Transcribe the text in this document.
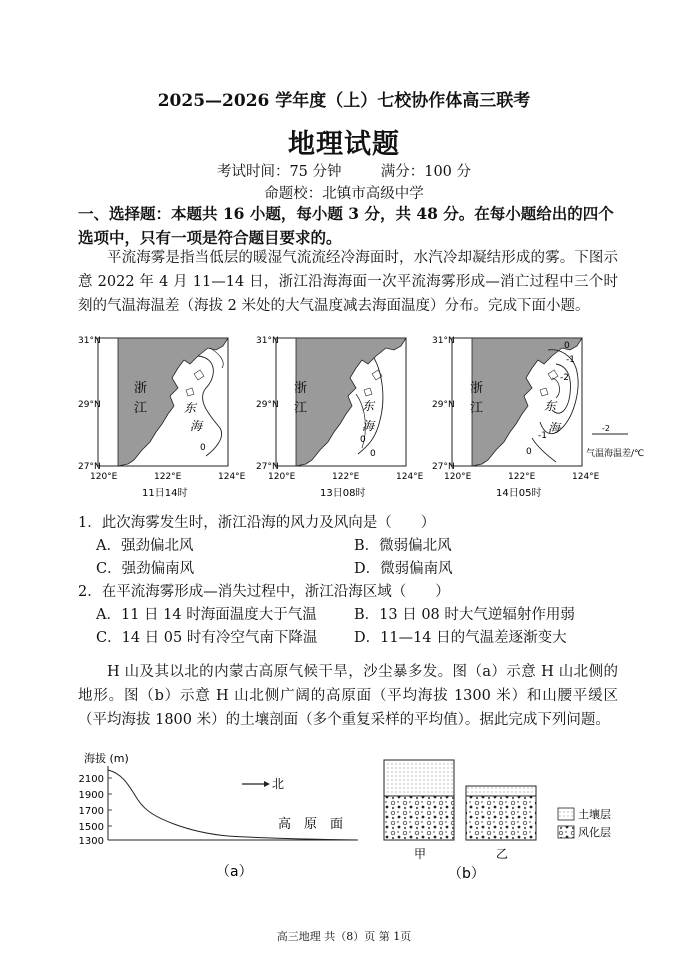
2025—2026 学年度（上）七校协作体高三联考
地理试题
考试时间：75 分钟	满分：100 分
命题校：北镇市高级中学
一、选择题：本题共 16 小题，每小题 3 分，共 48 分。在每小题给出的四个
选项中，只有一项是符合题目要求的。
平流海雾是指当低层的暖湿气流流经冷海面时，水汽冷却凝结形成的雾。下图示意 2022 年 4 月 11—14 日，浙江沿海海面一次平流海雾形成—消亡过程中三个时刻的气温海温差（海拔 2 米处的大气温度减去海面温度）分布。完成下面小题。
0
浙
江	东
海
0
0
浙
江	东
海
0
-1
-2
-1
0
浙
江	东
海
31°N
29°N
27°N
31°N
29°N
27°N
31°N
29°N
27°N
120°E	122°E	124°E	120°E	122°E	124°E 120°E	122°E	124°E
11日14时	13日08时	14日05时
-2
气温海温差/℃
1．此次海雾发生时，浙江沿海的风力及风向是（　　）
A．强劲偏北风	B．微弱偏北风
C．强劲偏南风	D．微弱偏南风
2．在平流海雾形成—消失过程中，浙江沿海区域（　　）
A．11 日 14 时海面温度大于气温	B．13 日 08 时大气逆辐射作用弱
C．14 日 05 时有冷空气南下降温	D．11—14 日的气温差逐渐变大
H 山及其以北的内蒙古高原气候干旱，沙尘暴多发。图（a）示意 H 山北侧的地形。图（b）示意 H 山北侧广阔的高原面（平均海拔 1300 米）和山腰平缓区（平均海拔 1800 米）的土壤剖面（多个重复采样的平均值）。据此完成下列问题。
海拔 (m)
2100
1900
1700
1500
1300
北
高　原　面
（a）
甲	乙
土壤层
风化层
（b）
高三地理 共（8）页 第 1页
